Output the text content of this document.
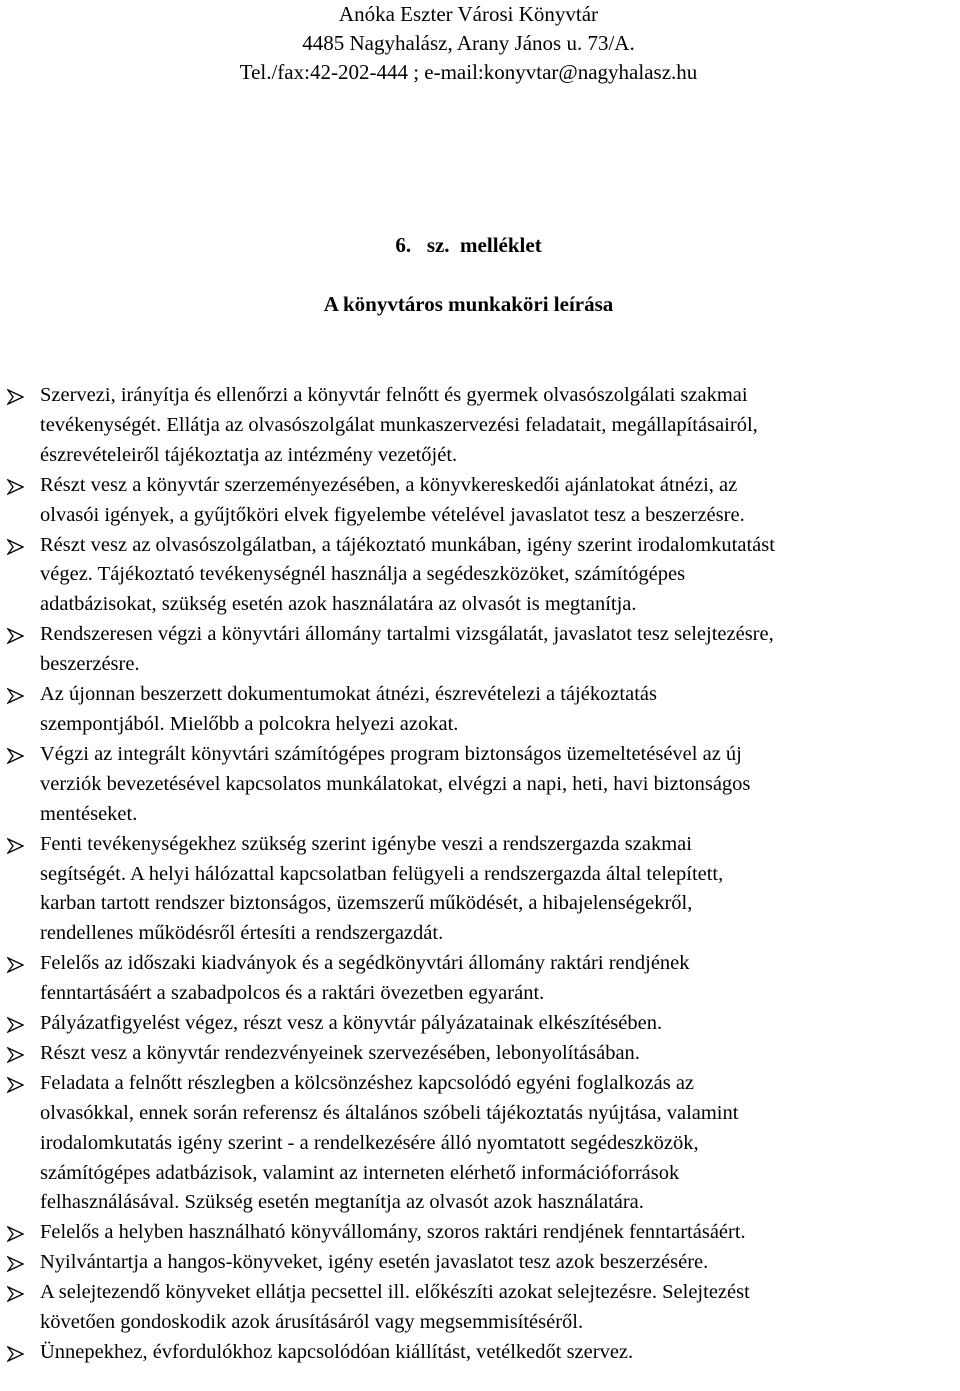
Anóka Eszter Városi Könyvtár
4485 Nagyhalász, Arany János u. 73/A.
Tel./fax:42-202-444 ; e-mail:konyvtar@nagyhalasz.hu
6.   sz.  melléklet
A könyvtáros munkaköri leírása
Szervezi, irányítja és ellenőrzi a könyvtár felnőtt és gyermek olvasószolgálati szakmai
tevékenységét. Ellátja az olvasószolgálat munkaszervezési feladatait, megállapításairól,
észrevételeiről tájékoztatja az intézmény vezetőjét.
Részt vesz a könyvtár szerzeményezésében, a könyvkereskedői ajánlatokat átnézi, az
olvasói igények, a gyűjtőköri elvek figyelembe vételével javaslatot tesz a beszerzésre.
Részt vesz az olvasószolgálatban, a tájékoztató munkában, igény szerint irodalomkutatást
végez. Tájékoztató tevékenységnél használja a segédeszközöket, számítógépes
adatbázisokat, szükség esetén azok használatára az olvasót is megtanítja.
Rendszeresen végzi a könyvtári állomány tartalmi vizsgálatát, javaslatot tesz selejtezésre,
beszerzésre.
Az újonnan beszerzett dokumentumokat átnézi, észrevételezi a tájékoztatás
szempontjából. Mielőbb a polcokra helyezi azokat.
Végzi az integrált könyvtári számítógépes program biztonságos üzemeltetésével az új
verziók bevezetésével kapcsolatos munkálatokat, elvégzi a napi, heti, havi biztonságos
mentéseket.
Fenti tevékenységekhez szükség szerint igénybe veszi a rendszergazda szakmai
segítségét. A helyi hálózattal kapcsolatban felügyeli a rendszergazda által telepített,
karban tartott rendszer biztonságos, üzemszerű működését, a hibajelenségekről,
rendellenes működésről értesíti a rendszergazdát.
Felelős az időszaki kiadványok és a segédkönyvtári állomány raktári rendjének
fenntartásáért a szabadpolcos és a raktári övezetben egyaránt.
Pályázatfigyelést végez, részt vesz a könyvtár pályázatainak elkészítésében.
Részt vesz a könyvtár rendezvényeinek szervezésében, lebonyolításában.
Feladata a felnőtt részlegben a kölcsönzéshez kapcsolódó egyéni foglalkozás az
olvasókkal, ennek során referensz és általános szóbeli tájékoztatás nyújtása, valamint
irodalomkutatás igény szerint - a rendelkezésére álló nyomtatott segédeszközök,
számítógépes adatbázisok, valamint az interneten elérhető információforrások
felhasználásával. Szükség esetén megtanítja az olvasót azok használatára.
Felelős a helyben használható könyvállomány, szoros raktári rendjének fenntartásáért.
Nyilvántartja a hangos-könyveket, igény esetén javaslatot tesz azok beszerzésére.
A selejtezendő könyveket ellátja pecsettel ill. előkészíti azokat selejtezésre. Selejtezést
követően gondoskodik azok árusításáról vagy megsemmisítéséről.
Ünnepekhez, évfordulókhoz kapcsolódóan kiállítást, vetélkedőt szervez.
